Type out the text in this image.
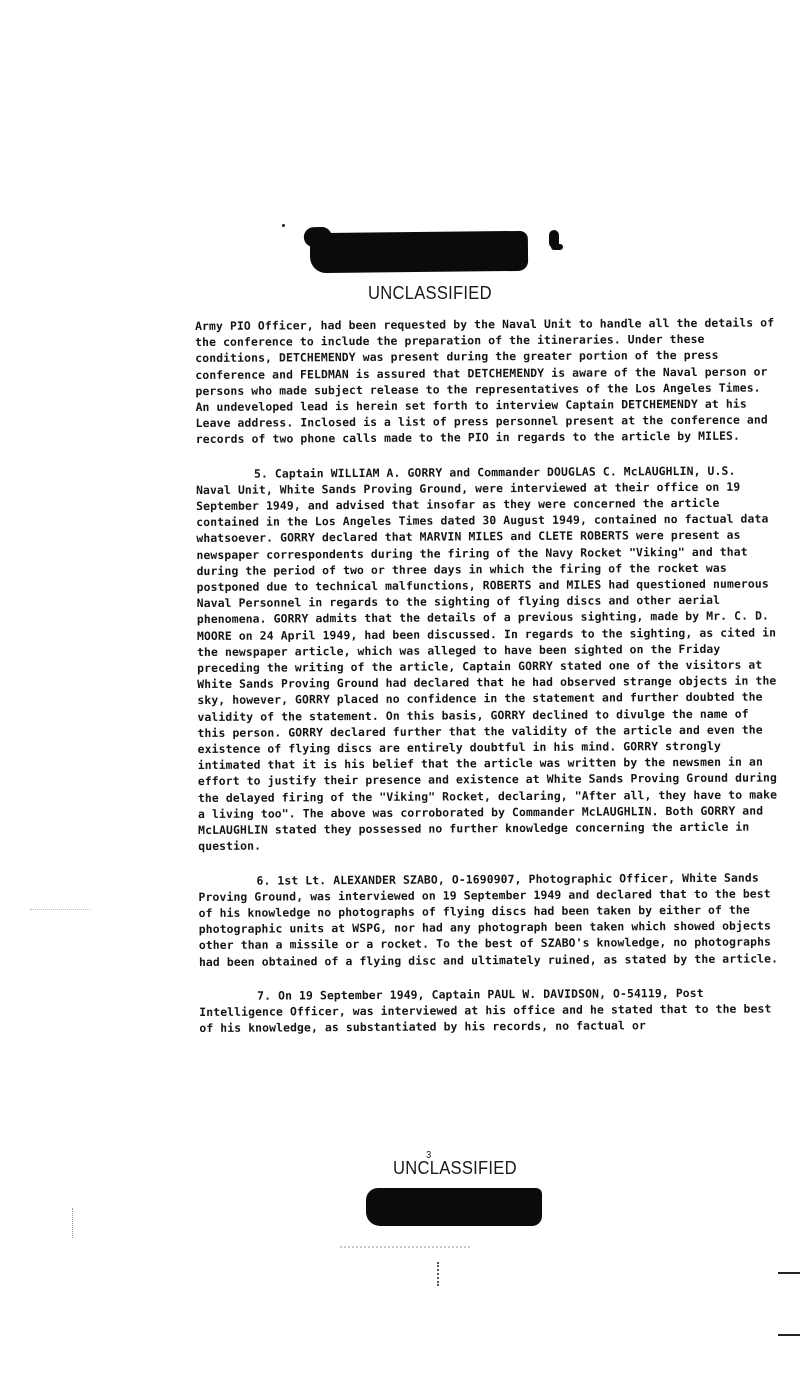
UNCLASSIFIED

Army PIO Officer, had been requested by the Naval Unit to handle all the details of the conference to include the preparation of the itineraries. Under these conditions, DETCHEMENDY was present during the greater portion of the press conference and FELDMAN is assured that DETCHEMENDY is aware of the Naval person or persons who made subject release to the representatives of the Los Angeles Times. An undeveloped lead is herein set forth to interview Captain DETCHEMENDY at his Leave address. Inclosed is a list of press personnel present at the conference and records of two phone calls made to the PIO in regards to the article by MILES.

5. Captain WILLIAM A. GORRY and Commander DOUGLAS C. McLAUGHLIN, U.S. Naval Unit, White Sands Proving Ground, were interviewed at their office on 19 September 1949, and advised that insofar as they were concerned the article contained in the Los Angeles Times dated 30 August 1949, contained no factual data whatsoever. GORRY declared that MARVIN MILES and CLETE ROBERTS were present as newspaper correspondents during the firing of the Navy Rocket "Viking" and that during the period of two or three days in which the firing of the rocket was postponed due to technical malfunctions, ROBERTS and MILES had questioned numerous Naval Personnel in regards to the sighting of flying discs and other aerial phenomena. GORRY admits that the details of a previous sighting, made by Mr. C. D. MOORE on 24 April 1949, had been discussed. In regards to the sighting, as cited in the newspaper article, which was alleged to have been sighted on the Friday preceding the writing of the article, Captain GORRY stated one of the visitors at White Sands Proving Ground had declared that he had observed strange objects in the sky, however, GORRY placed no confidence in the statement and further doubted the validity of the statement. On this basis, GORRY declined to divulge the name of this person. GORRY declared further that the validity of the article and even the existence of flying discs are entirely doubtful in his mind. GORRY strongly intimated that it is his belief that the article was written by the newsmen in an effort to justify their presence and existence at White Sands Proving Ground during the delayed firing of the "Viking" Rocket, declaring, "After all, they have to make a living too". The above was corroborated by Commander McLAUGHLIN. Both GORRY and McLAUGHLIN stated they possessed no further knowledge concerning the article in question.

6. 1st Lt. ALEXANDER SZABO, O-1690907, Photographic Officer, White Sands Proving Ground, was interviewed on 19 September 1949 and declared that to the best of his knowledge no photographs of flying discs had been taken by either of the photographic units at WSPG, nor had any photograph been taken which showed objects other than a missile or a rocket. To the best of SZABO's knowledge, no photographs had been obtained of a flying disc and ultimately ruined, as stated by the article.

7. On 19 September 1949, Captain PAUL W. DAVIDSON, O-54119, Post Intelligence Officer, was interviewed at his office and he stated that to the best of his knowledge, as substantiated by his records, no factual or

UNCLASSIFIED
3
